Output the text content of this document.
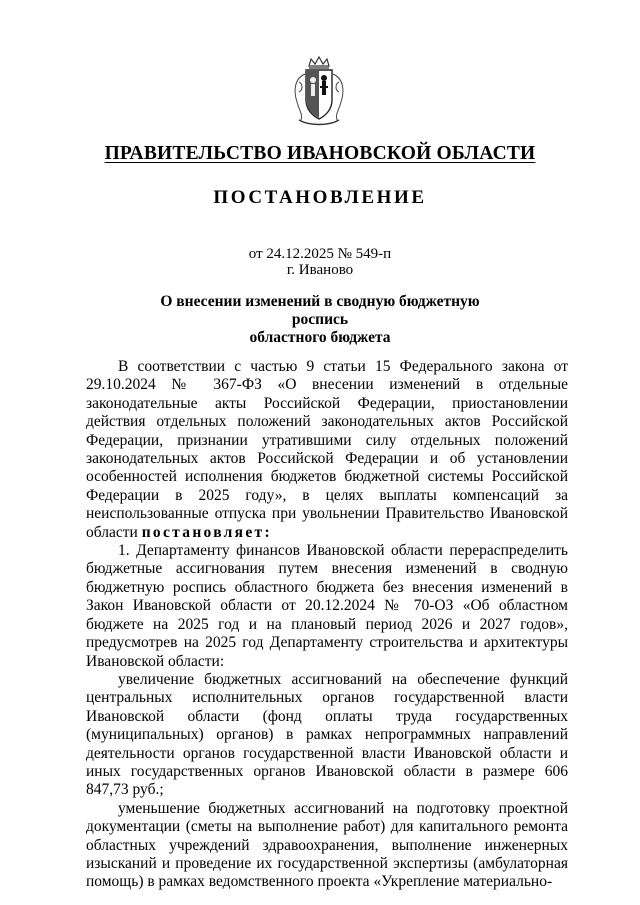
ПРАВИТЕЛЬСТВО ИВАНОВСКОЙ ОБЛАСТИ
ПОСТАНОВЛЕНИЕ
от 24.12.2025 № 549-п
г. Иваново
О внесении изменений в сводную бюджетную роспись
областного бюджета

В соответствии с частью 9 статьи 15 Федерального закона от 29.10.2024 № 367-ФЗ «О внесении изменений в отдельные законодательные акты Российской Федерации, приостановлении действия отдельных положений законодательных актов Российской Федерации, признании утратившими силу отдельных положений законодательных актов Российской Федерации и об установлении особенностей исполнения бюджетов бюджетной системы Российской Федерации в 2025 году», в целях выплаты компенсаций за неиспользованные отпуска при увольнении Правительство Ивановской области постановляет:

1. Департаменту финансов Ивановской области перераспределить бюджетные ассигнования путем внесения изменений в сводную бюджетную роспись областного бюджета без внесения изменений в Закон Ивановской области от 20.12.2024 № 70-ОЗ «Об областном бюджете на 2025 год и на плановый период 2026 и 2027 годов», предусмотрев на 2025 год Департаменту строительства и архитектуры Ивановской области:

увеличение бюджетных ассигнований на обеспечение функций центральных исполнительных органов государственной власти Ивановской области (фонд оплаты труда государственных (муниципальных) органов) в рамках непрограммных направлений деятельности органов государственной власти Ивановской области и иных государственных органов Ивановской области в размере 606 847,73 руб.;

уменьшение бюджетных ассигнований на подготовку проектной документации (сметы на выполнение работ) для капитального ремонта областных учреждений здравоохранения, выполнение инженерных изысканий и проведение их государственной экспертизы (амбулаторная помощь) в рамках ведомственного проекта «Укрепление материально-
